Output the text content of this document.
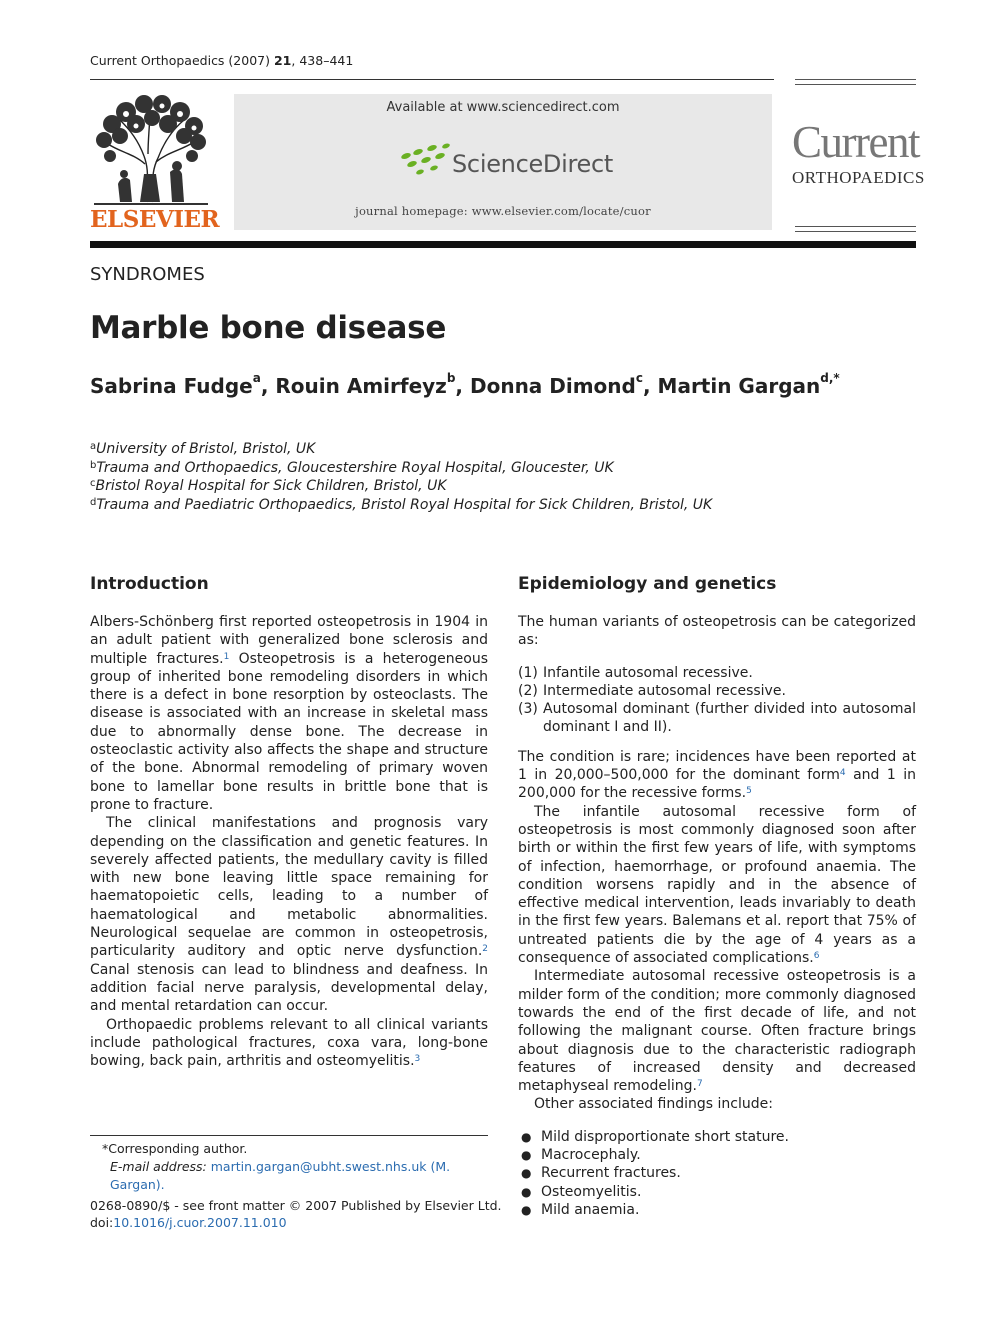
Current Orthopaedics (2007) 21, 438–441
ELSEVIER
Available at www.sciencedirect.com
ScienceDirect
journal homepage: www.elsevier.com/locate/cuor
Current
ORTHOPAEDICS
SYNDROMES
Marble bone disease
Sabrina Fudge$^a$, Rouin Amirfeyz$^b$, Donna Dimond$^c$, Martin Gargan$^{d,*}$
$^a$University of Bristol, Bristol, UK
$^b$Trauma and Orthopaedics, Gloucestershire Royal Hospital, Gloucester, UK
$^c$Bristol Royal Hospital for Sick Children, Bristol, UK
$^d$Trauma and Paediatric Orthopaedics, Bristol Royal Hospital for Sick Children, Bristol, UK
Introduction	Epidemiology and genetics

Albers-Schönberg first reported osteopetrosis in 1904 in an adult patient with generalized bone sclerosis and multiple fractures.$^1$ Osteopetrosis is a heterogeneous group of inherited bone remodeling disorders in which there is a defect in bone resorption by osteoclasts. The disease is associated with an increase in skeletal mass due to abnormally dense bone. The decrease in osteoclastic activity also affects the shape and structure of the bone. Abnormal remodeling of primary woven bone to lamellar bone results in brittle bone that is prone to fracture.

The clinical manifestations and prognosis vary depending on the classification and genetic features. In severely affected patients, the medullary cavity is filled with new bone leaving little space remaining for haematopoietic cells, leading to a number of haematological and metabolic abnormalities. Neurological sequelae are common in osteopetrosis, particularity auditory and optic nerve dysfunction.$^2$ Canal stenosis can lead to blindness and deafness. In addition facial nerve paralysis, developmental delay, and mental retardation can occur.

Orthopaedic problems relevant to all clinical variants include pathological fractures, coxa vara, long-bone bowing, back pain, arthritis and osteomyelitis.$^3$

The human variants of osteopetrosis can be categorized as:

(1) Infantile autosomal recessive.
(2) Intermediate autosomal recessive.
(3) Autosomal dominant (further divided into autosomal dominant I and II).

The condition is rare; incidences have been reported at 1 in 20,000–500,000 for the dominant form$^4$ and 1 in 200,000 for the recessive forms.$^5$

The infantile autosomal recessive form of osteopetrosis is most commonly diagnosed soon after birth or within the first few years of life, with symptoms of infection, haemorrhage, or profound anaemia. The condition worsens rapidly and in the absence of effective medical intervention, leads invariably to death in the first few years. Balemans et al. report that 75% of untreated patients die by the age of 4 years as a consequence of associated complications.$^6$

Intermediate autosomal recessive osteopetrosis is a milder form of the condition; more commonly diagnosed towards the end of the first decade of life, and not following the malignant course. Often fracture brings about diagnosis due to the characteristic radiograph features of increased density and decreased metaphyseal remodeling.$^7$

Other associated findings include:

● Mild disproportionate short stature.
● Macrocephaly.
● Recurrent fractures.
● Osteomyelitis.
● Mild anaemia.
*Corresponding author.
E-mail address: martin.gargan@ubht.swest.nhs.uk (M. Gargan).
0268-0890/$ - see front matter © 2007 Published by Elsevier Ltd.
doi:10.1016/j.cuor.2007.11.010
